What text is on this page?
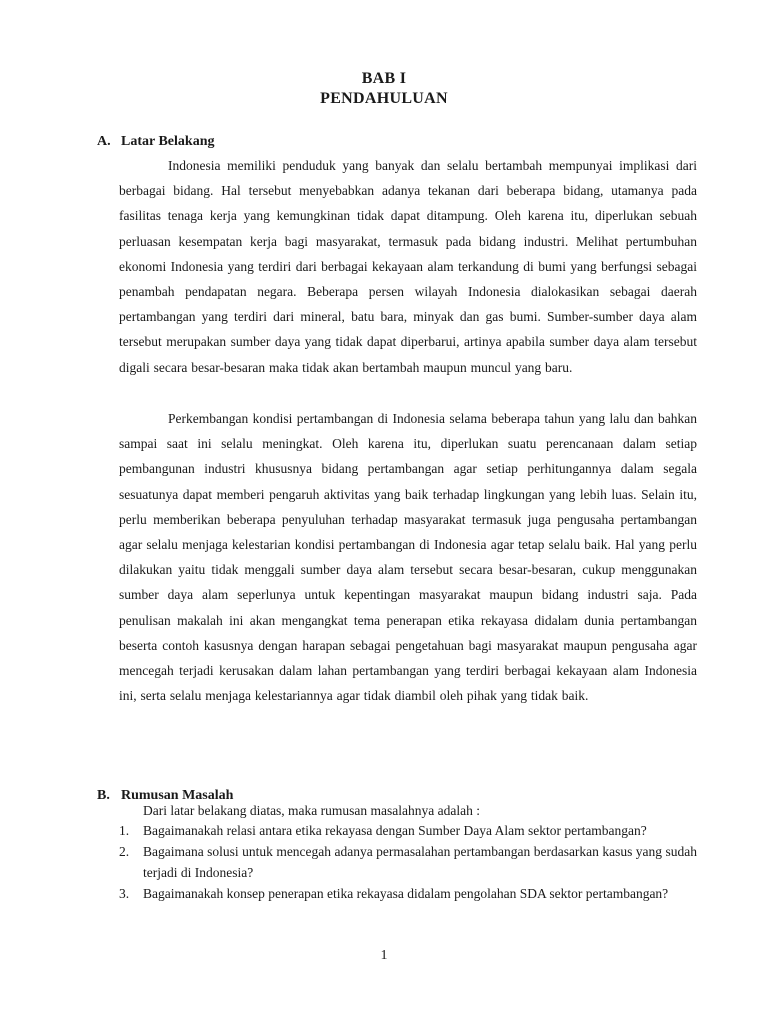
BAB I
PENDAHULUAN
A. Latar Belakang

Indonesia memiliki penduduk yang banyak dan selalu bertambah mempunyai implikasi dari berbagai bidang. Hal tersebut menyebabkan adanya tekanan dari beberapa bidang, utamanya pada fasilitas tenaga kerja yang kemungkinan tidak dapat ditampung. Oleh karena itu, diperlukan sebuah perluasan kesempatan kerja bagi masyarakat, termasuk pada bidang industri. Melihat pertumbuhan ekonomi Indonesia yang terdiri dari berbagai kekayaan alam terkandung di bumi yang berfungsi sebagai penambah pendapatan negara. Beberapa persen wilayah Indonesia dialokasikan sebagai daerah pertambangan yang terdiri dari mineral, batu bara, minyak dan gas bumi. Sumber-sumber daya alam tersebut merupakan sumber daya yang tidak dapat diperbarui, artinya apabila sumber daya alam tersebut digali secara besar-besaran maka tidak akan bertambah maupun muncul yang baru.

Perkembangan kondisi pertambangan di Indonesia selama beberapa tahun yang lalu dan bahkan sampai saat ini selalu meningkat. Oleh karena itu, diperlukan suatu perencanaan dalam setiap pembangunan industri khususnya bidang pertambangan agar setiap perhitungannya dalam segala sesuatunya dapat memberi pengaruh aktivitas yang baik terhadap lingkungan yang lebih luas. Selain itu, perlu memberikan beberapa penyuluhan terhadap masyarakat termasuk juga pengusaha pertambangan agar selalu menjaga kelestarian kondisi pertambangan di Indonesia agar tetap selalu baik. Hal yang perlu dilakukan yaitu tidak menggali sumber daya alam tersebut secara besar-besaran, cukup menggunakan sumber daya alam seperlunya untuk kepentingan masyarakat maupun bidang industri saja. Pada penulisan makalah ini akan mengangkat tema penerapan etika rekayasa didalam dunia pertambangan beserta contoh kasusnya dengan harapan sebagai pengetahuan bagi masyarakat maupun pengusaha agar mencegah terjadi kerusakan dalam lahan pertambangan yang terdiri berbagai kekayaan alam Indonesia ini, serta selalu menjaga kelestariannya agar tidak diambil oleh pihak yang tidak baik.

B. Rumusan Masalah
Dari latar belakang diatas, maka rumusan masalahnya adalah :
1. Bagaimanakah relasi antara etika rekayasa dengan Sumber Daya Alam sektor pertambangan?
2. Bagaimana solusi untuk mencegah adanya permasalahan pertambangan berdasarkan kasus yang sudah terjadi di Indonesia?
3. Bagaimanakah konsep penerapan etika rekayasa didalam pengolahan SDA sektor pertambangan?
1
